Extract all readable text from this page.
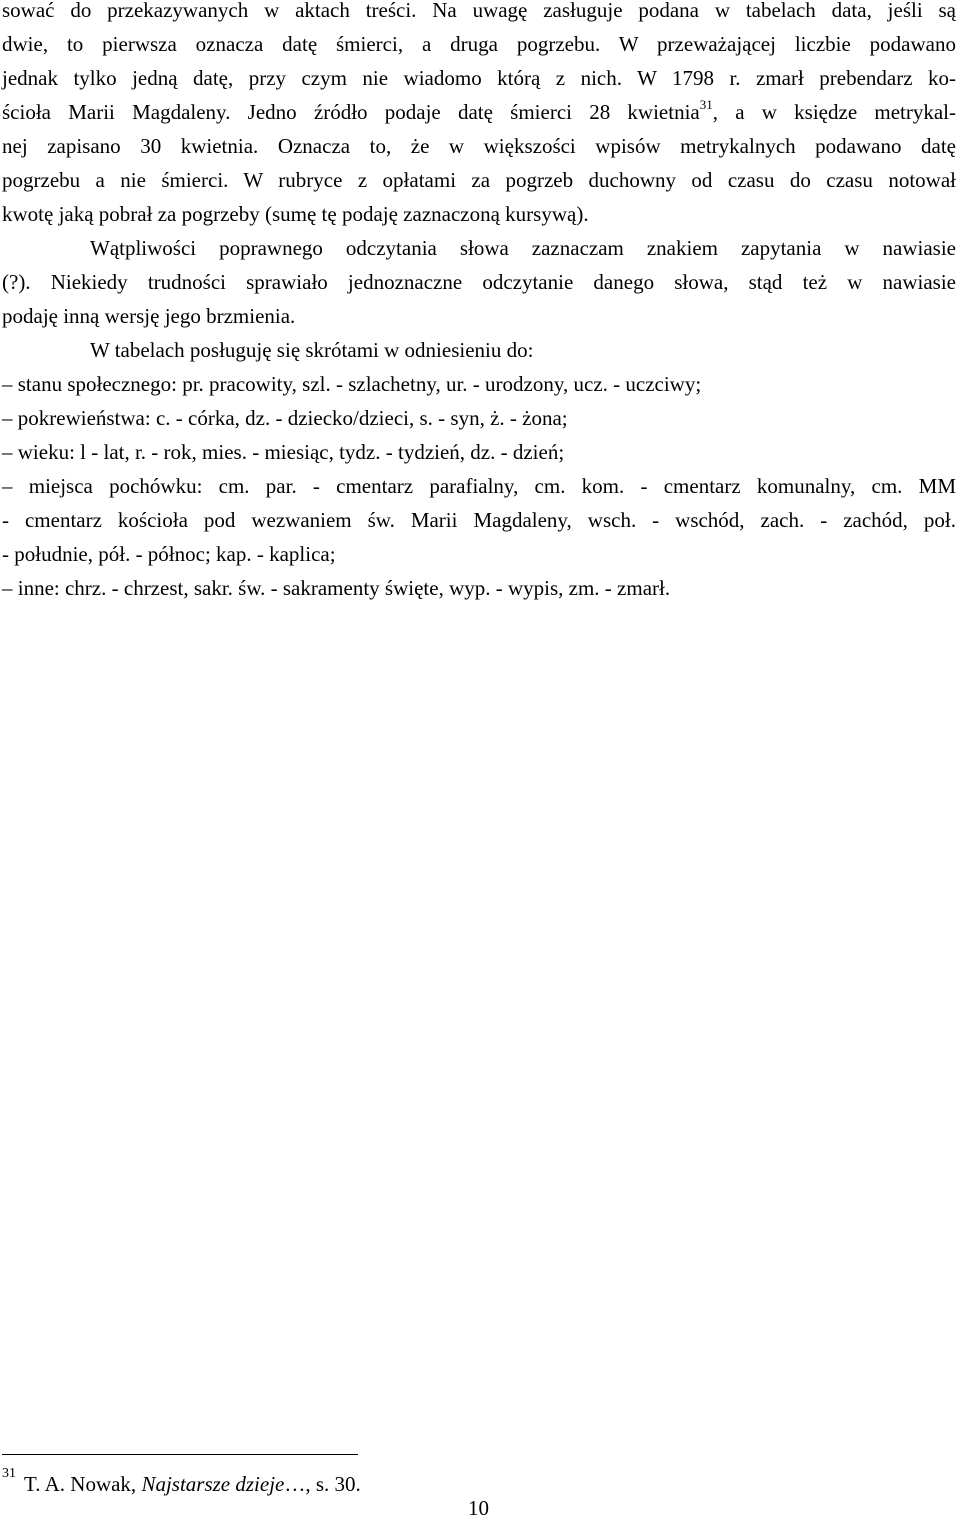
sować do przekazywanych w aktach treści. Na uwagę zasługuje podana w tabelach data, jeśli są
dwie, to pierwsza oznacza datę śmierci, a druga pogrzebu. W przeważającej liczbie podawano
jednak tylko jedną datę, przy czym nie wiadomo którą z nich. W 1798 r. zmarł prebendarz ko-
ścioła Marii Magdaleny. Jedno źródło podaje datę śmierci 28 kwietnia$^{31}$, a w księdze metrykal-
nej zapisano 30 kwietnia. Oznacza to, że w większości wpisów metrykalnych podawano datę
pogrzebu a nie śmierci. W rubryce z opłatami za pogrzeb duchowny od czasu do czasu notował
kwotę jaką pobrał za pogrzeby (sumę tę podaję zaznaczoną kursywą).
Wątpliwości poprawnego odczytania słowa zaznaczam znakiem zapytania w nawiasie
(?). Niekiedy trudności sprawiało jednoznaczne odczytanie danego słowa, stąd też w nawiasie
podaję inną wersję jego brzmienia.
W tabelach posługuję się skrótami w odniesieniu do:
– stanu społecznego: pr. pracowity, szl. - szlachetny, ur. - urodzony, ucz. - uczciwy;
– pokrewieństwa: c. - córka, dz. - dziecko/dzieci, s. - syn, ż. - żona;
– wieku: l - lat, r. - rok, mies. - miesiąc, tydz. - tydzień, dz. - dzień;
– miejsca pochówku: cm. par. - cmentarz parafialny, cm. kom. - cmentarz komunalny, cm. MM
- cmentarz kościoła pod wezwaniem św. Marii Magdaleny, wsch. - wschód, zach. - zachód, poł.
- południe, pół. - północ; kap. - kaplica;
– inne: chrz. - chrzest, sakr. św. - sakramenty święte, wyp. - wypis, zm. - zmarł.
$^{31}$ T. A. Nowak, Najstarsze dzieje…, s. 30.
10
